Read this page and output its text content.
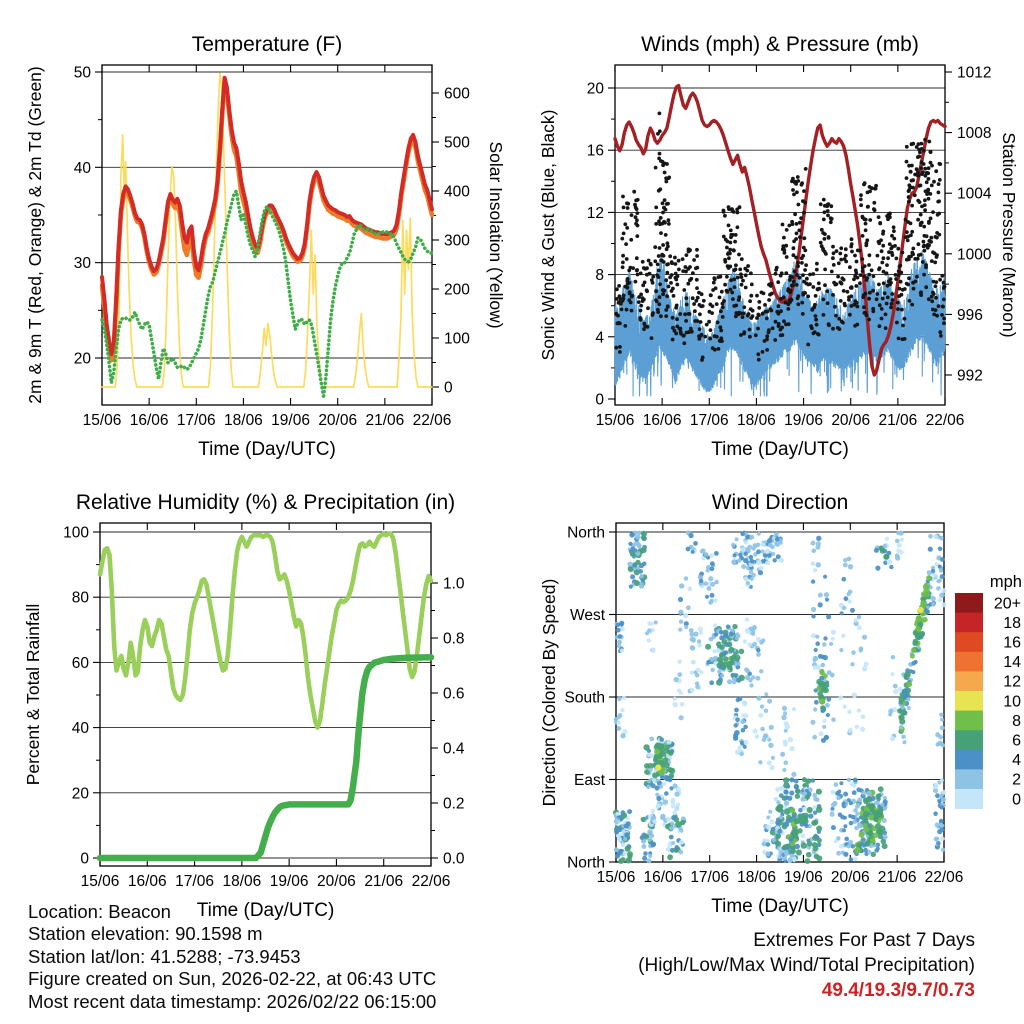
15/06 16/06 17/06 18/06 19/06 20/06 21/06 22/06
20
30
40
50
0
100
200
300
400
500
600
Temperature (F)
Time (Day/UTC)
2m & 9m T (Red, Orange) & 2m Td (Green)	Solar Insolation (Yellow)
15/06 16/06 17/06 18/06 19/06 20/06 21/06 22/06
0
4
8
12
16
20
992
996
1000
1004
1008
1012
Winds (mph) & Pressure (mb)
Time (Day/UTC)
Sonic Wind & Gust (Blue, Black)	Station Pressure (Maroon)
15/06 16/06 17/06 18/06 19/06 20/06 21/06 22/06
0
20
40
60
80
100
0.0
0.2
0.4
0.6
0.8
1.0
Relative Humidity (%) & Precipitation (in)
Time (Day/UTC)
Percent & Total Rainfall
15/06 16/06 17/06 18/06 19/06 20/06 21/06 22/06
Wind Direction
Time (Day/UTC)
Direction (Colored By Speed)
North
West
South
East
North
mph
20+
18
16
14
12
10
8
6
4
2
0
Location: Beacon
Station elevation: 90.1598 m
Station lat/lon: 41.5288; -73.9453
Figure created on Sun, 2026-02-22, at 06:43 UTC
Most recent data timestamp: 2026/02/22 06:15:00
Extremes For Past 7 Days
(High/Low/Max Wind/Total Precipitation)
49.4/19.3/9.7/0.73
